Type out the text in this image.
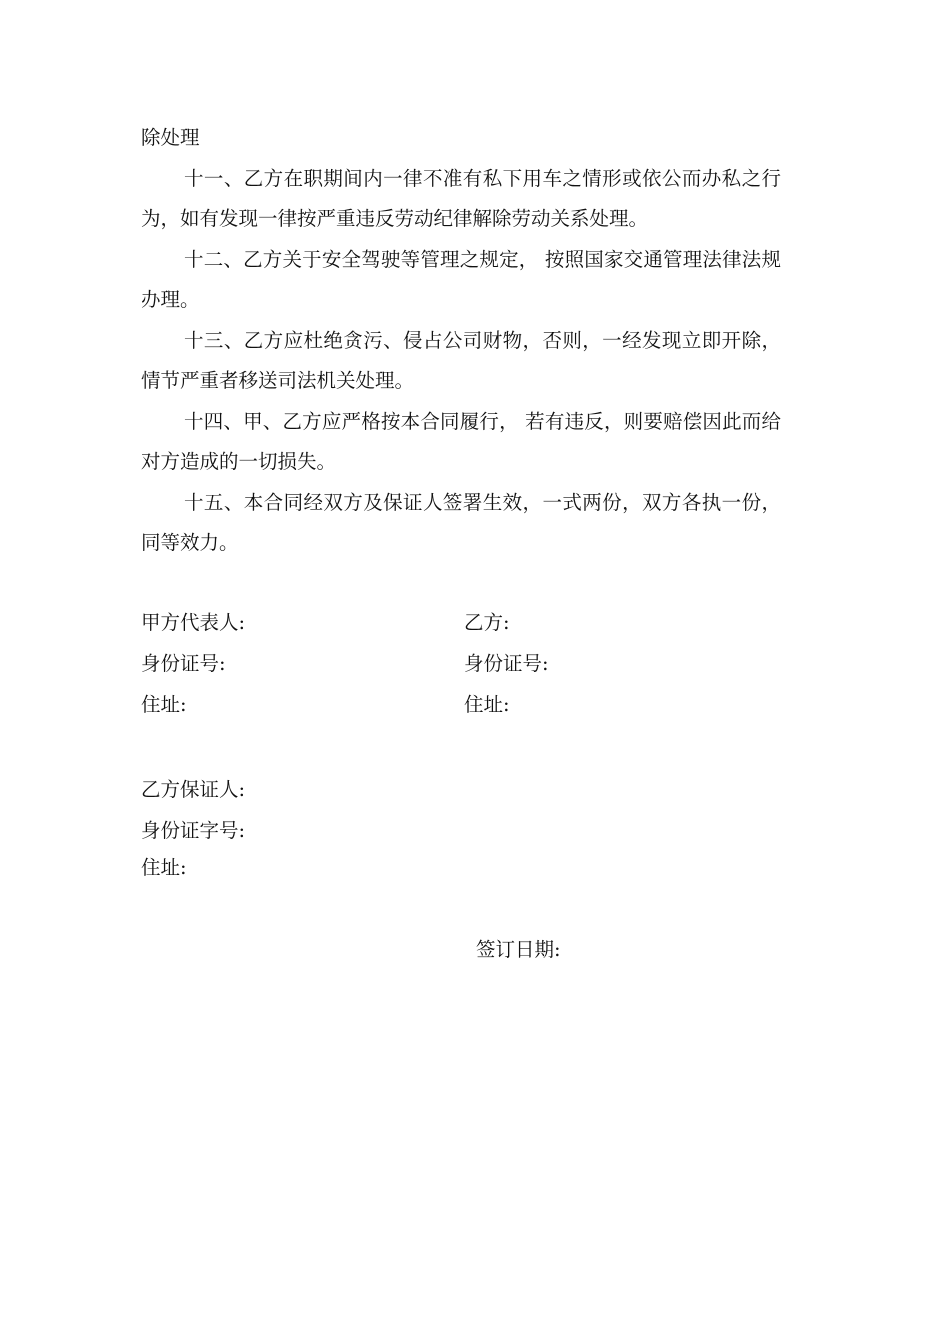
除处理

十一、乙方在职期间内一律不准有私下用车之情形或依公而办私之行为，如有发现一律按严重违反劳动纪律解除劳动关系处理。

十二、乙方关于安全驾驶等管理之规定， 按照国家交通管理法律法规办理。

十三、乙方应杜绝贪污、侵占公司财物，否则，一经发现立即开除，情节严重者移送司法机关处理。

十四、甲、乙方应严格按本合同履行， 若有违反，则要赔偿因此而给对方造成的一切损失。

十五、本合同经双方及保证人签署生效，一式两份，双方各执一份，同等效力。

甲方代表人:	乙方:
身份证号:	身份证号:
住址:	住址:
乙方保证人:
身份证字号:
住址:
签订日期:
